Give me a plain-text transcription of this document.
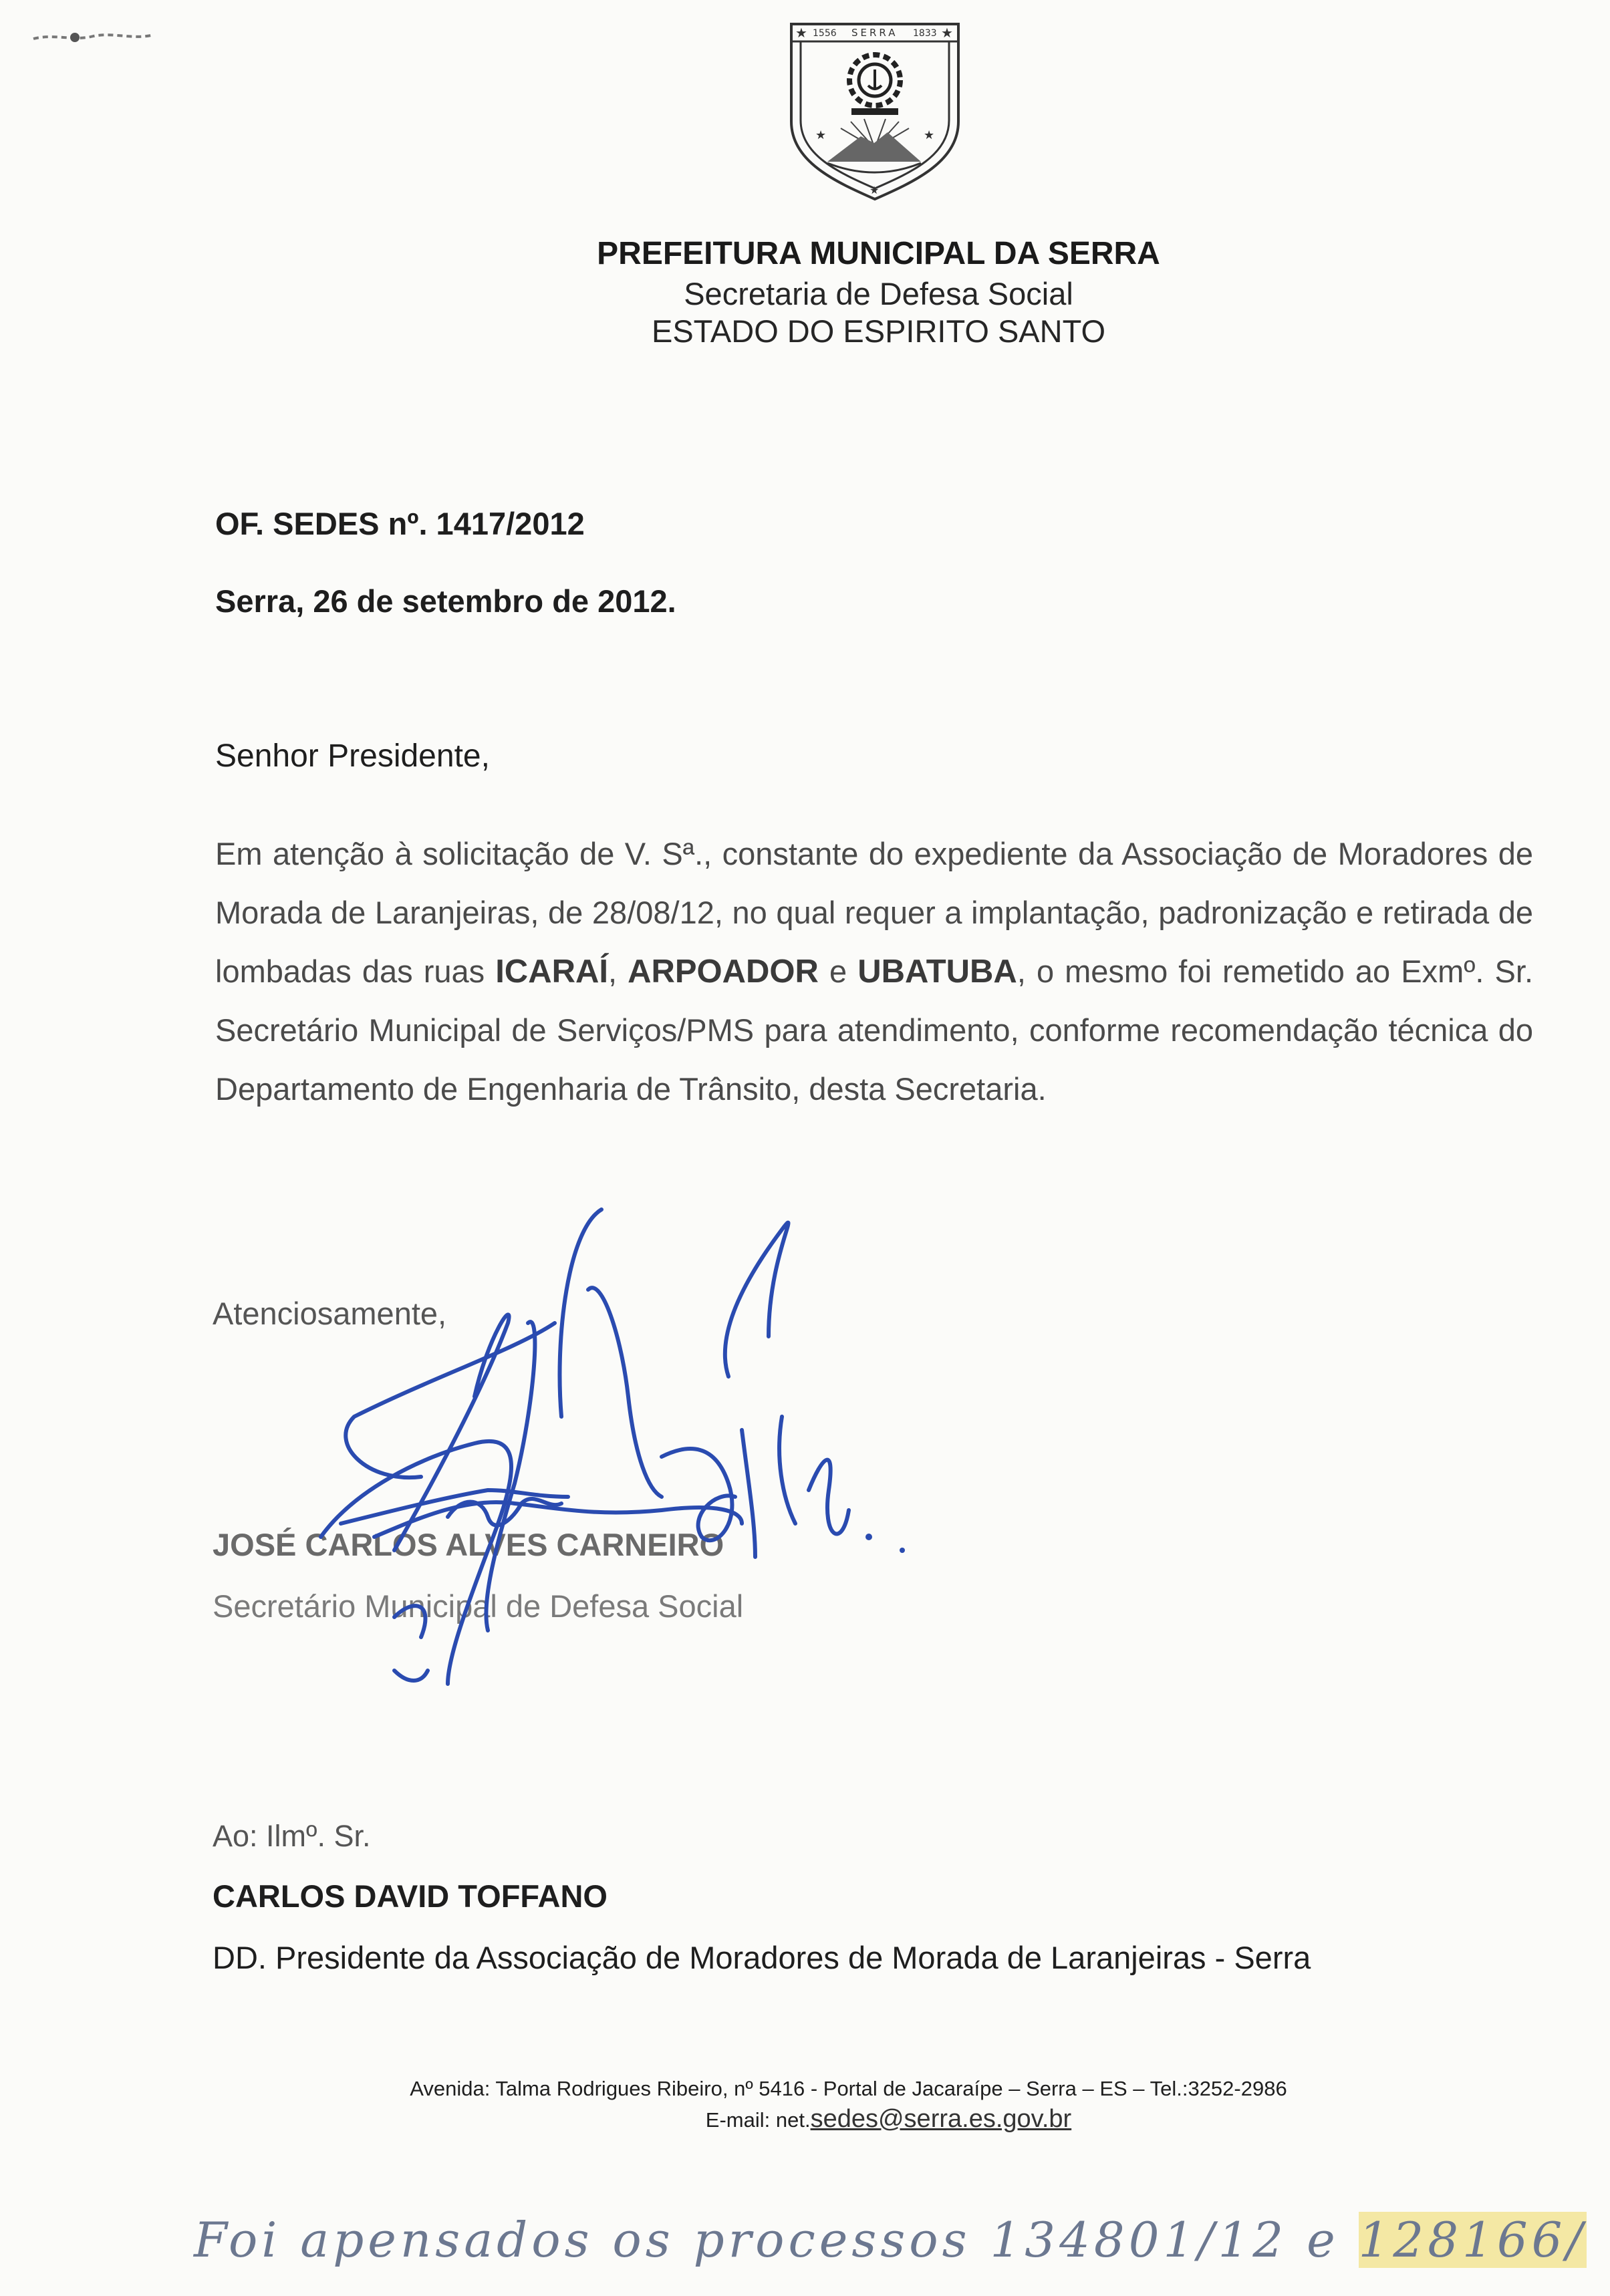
★	★
1556 SERRA 1833
★	★
★
PREFEITURA MUNICIPAL DA SERRA
Secretaria de Defesa Social
ESTADO DO ESPIRITO SANTO
OF. SEDES nº. 1417/2012
Serra, 26 de setembro de 2012.
Senhor Presidente,
Em atenção à solicitação de V. Sª., constante do expediente da Associação de Moradores de Morada de Laranjeiras, de 28/08/12, no qual requer a implantação, padronização e retirada de lombadas das ruas ICARAÍ, ARPOADOR e UBATUBA, o mesmo foi remetido ao Exmº. Sr. Secretário Municipal de Serviços/PMS para atendimento, conforme recomendação técnica do Departamento de Engenharia de Trânsito, desta Secretaria.
Atenciosamente,
JOSÉ CARLOS ALVES CARNEIRO
Secretário Municipal de Defesa Social
Ao: Ilmº. Sr.
CARLOS DAVID TOFFANO
DD. Presidente da Associação de Moradores de Morada de Laranjeiras - Serra
Avenida: Talma Rodrigues Ribeiro, nº 5416 - Portal de Jacaraípe – Serra – ES – Tel.:3252-2986
E-mail: net.sedes@serra.es.gov.br
Foi apensados os processos 134801/12 e 128166/
